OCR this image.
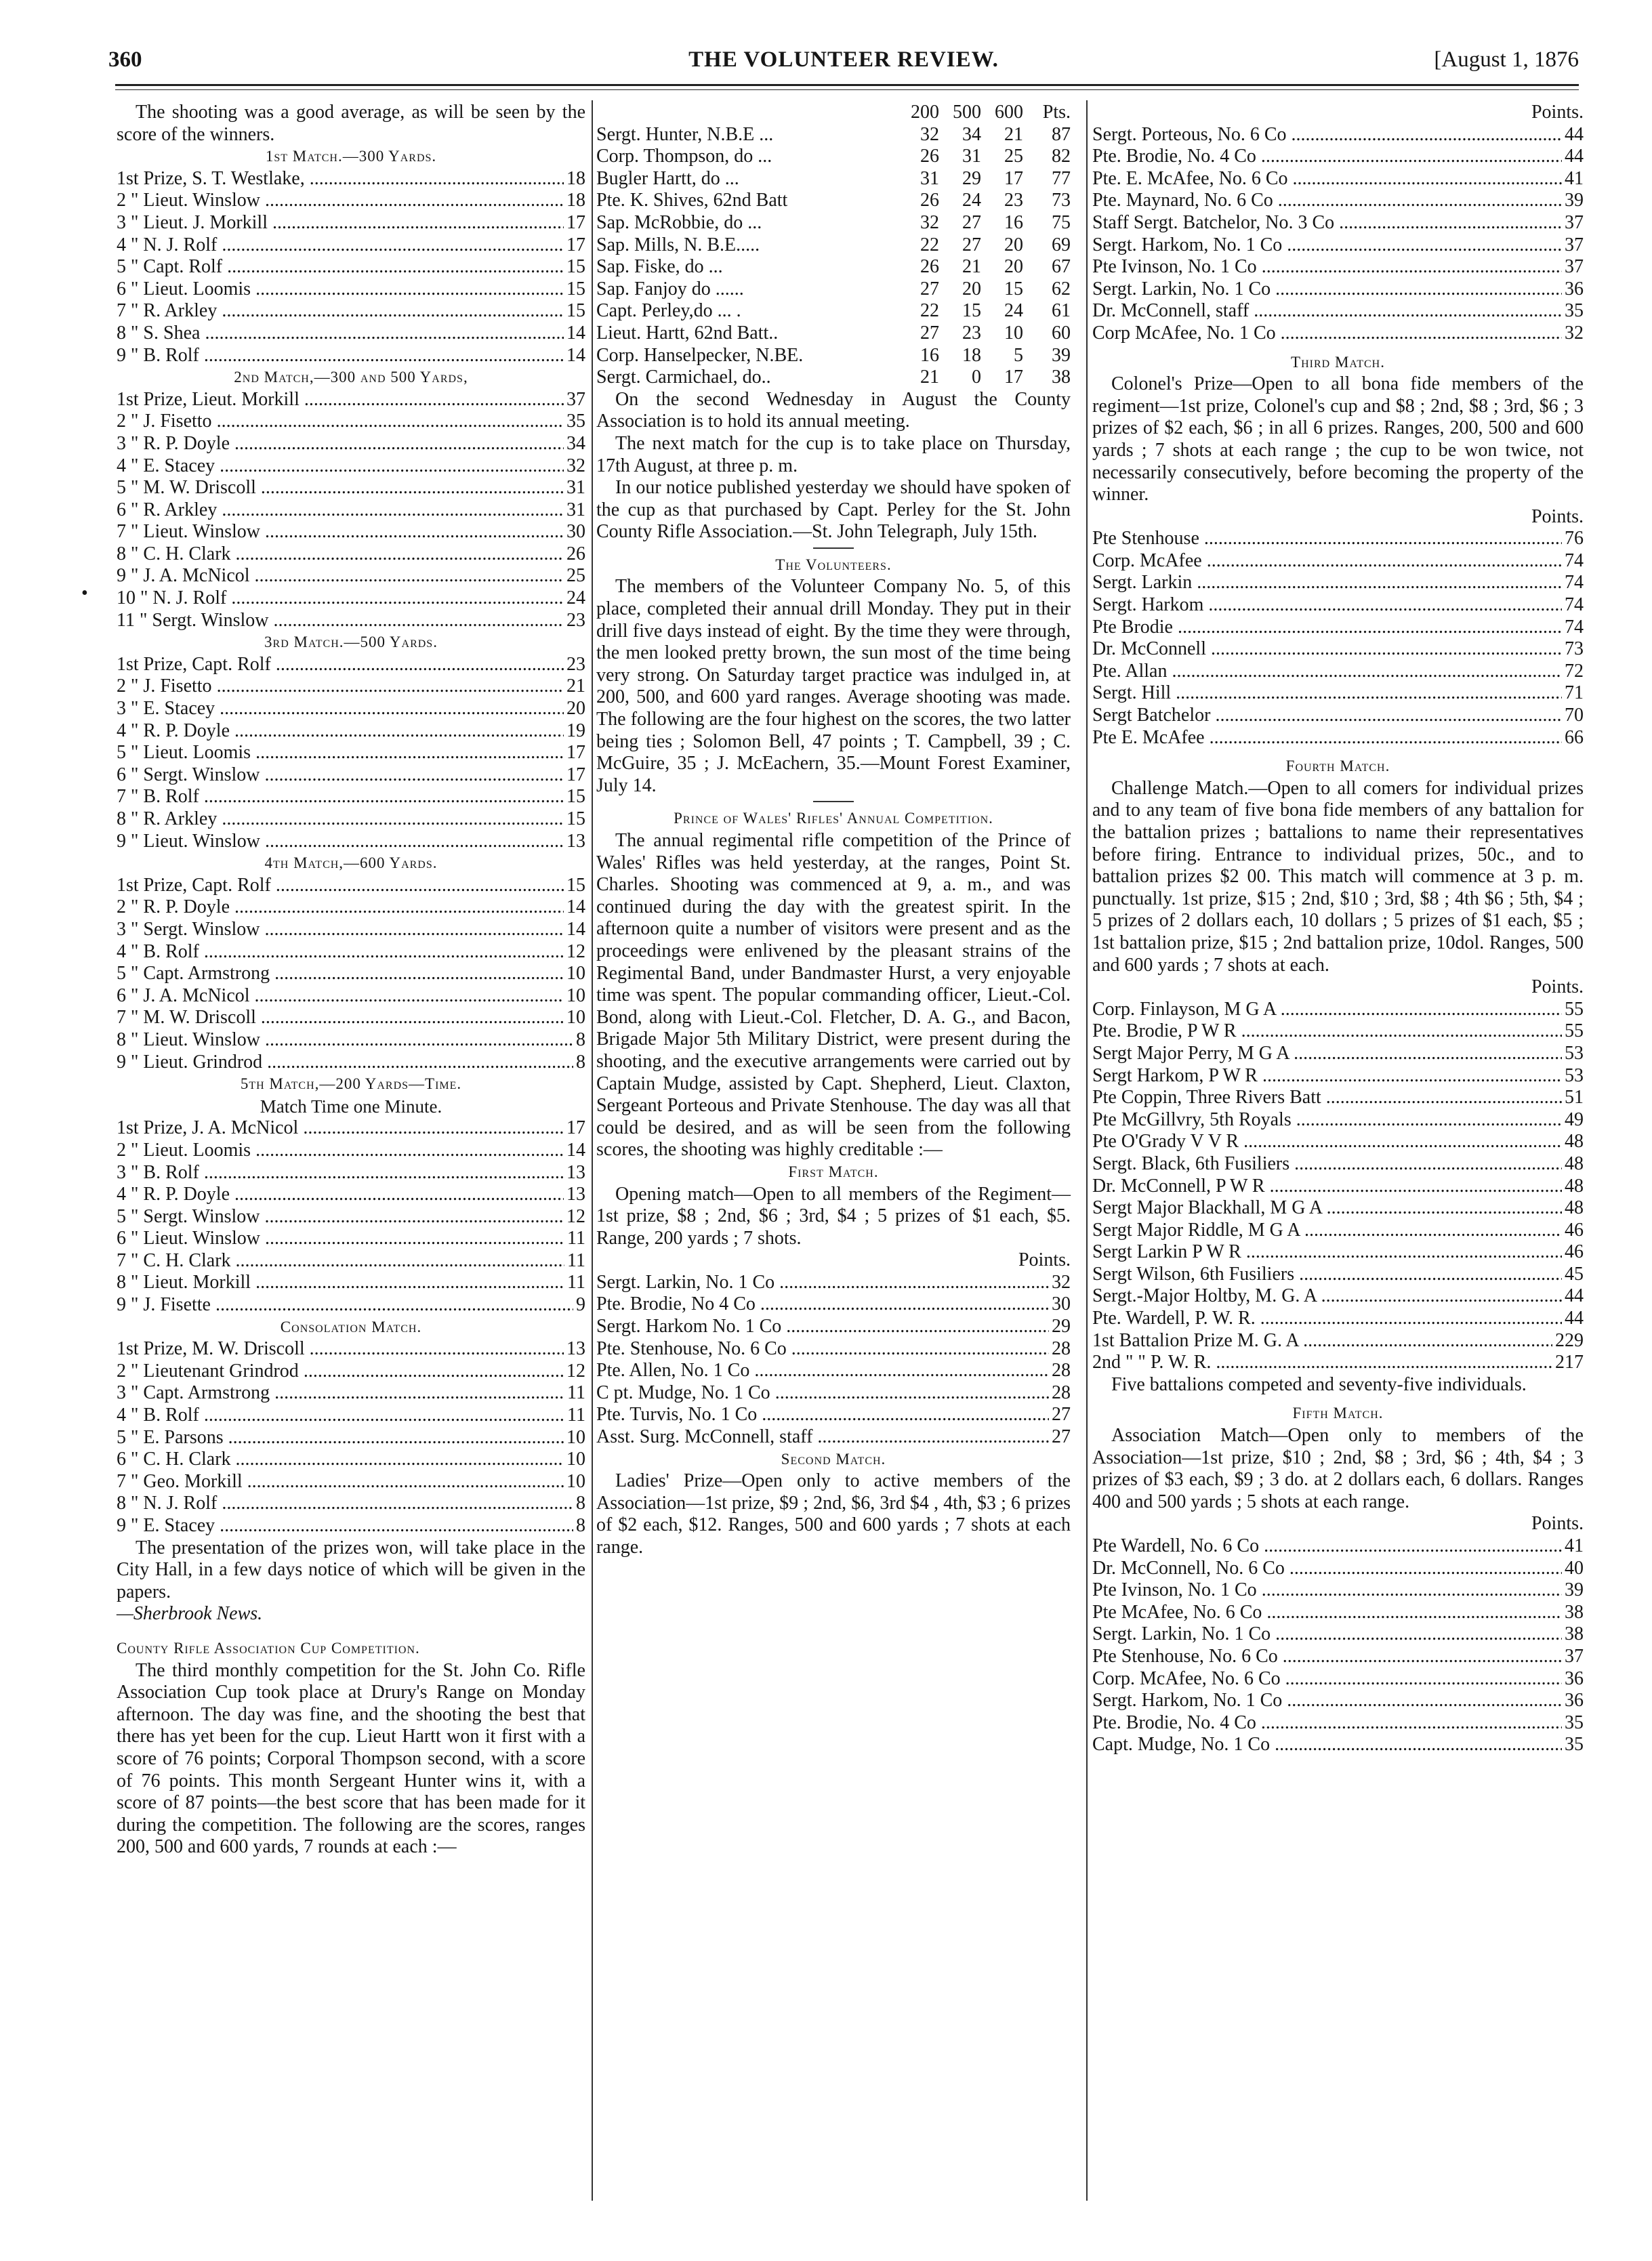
360	THE VOLUNTEER REVIEW.	[August 1, 1876
•

The shooting was a good average, as will be seen by the score of the winners.

1st Match.—300 Yards.
1st Prize, S. T. Westlake, .....	18
2 " Lieut. Winslow .....	18
3 " Lieut. J. Morkill .....	17
4 " N. J. Rolf .....	17
5 " Capt. Rolf .....	15
6 " Lieut. Loomis .....	15
7 " R. Arkley .....	15
8 " S. Shea .....	14
9 " B. Rolf .....	14
2nd Match,—300 and 500 Yards,
1st Prize, Lieut. Morkill .....	37
2 " J. Fisetto .....	35
3 " R. P. Doyle .....	34
4 " E. Stacey .....	32
5 " M. W. Driscoll .....	31
6 " R. Arkley .....	31
7 " Lieut. Winslow .....	30
8 " C. H. Clark .....	26
9 " J. A. McNicol .....	25
10 " N. J. Rolf .....	24
11 " Sergt. Winslow .....	23
3rd Match.—500 Yards.
1st Prize, Capt. Rolf .....	23
2 " J. Fisetto .....	21
3 " E. Stacey .....	20
4 " R. P. Doyle .....	19
5 " Lieut. Loomis .....	17
6 " Sergt. Winslow .....	17
7 " B. Rolf .....	15
8 " R. Arkley .....	15
9 " Lieut. Winslow .....	13
4th Match,—600 Yards.
1st Prize, Capt. Rolf .....	15
2 " R. P. Doyle .....	14
3 " Sergt. Winslow .....	14
4 " B. Rolf .....	12
5 " Capt. Armstrong .....	10
6 " J. A. McNicol .....	10
7 " M. W. Driscoll .....	10
8 " Lieut. Winslow .....	8
9 " Lieut. Grindrod .....	8
5th Match,—200 Yards—Time.
Match Time one Minute.
1st Prize, J. A. McNicol .....	17
2 " Lieut. Loomis .....	14
3 " B. Rolf .....	13
4 " R. P. Doyle .....	13
5 " Sergt. Winslow .....	12
6 " Lieut. Winslow .....	11
7 " C. H. Clark .....	11
8 " Lieut. Morkill .....	11
9 " J. Fisette .....	9
Consolation Match.
1st Prize, M. W. Driscoll .....	13
2 " Lieutenant Grindrod .....	12
3 " Capt. Armstrong .....	11
4 " B. Rolf .....	11
5 " E. Parsons .....	10
6 " C. H. Clark .....	10
7 " Geo. Morkill .....	10
8 " N. J. Rolf .....	8
9 " E. Stacey .....	8

The presentation of the prizes won, will take place in the City Hall, in a few days notice of which will be given in the papers.

—Sherbrook News.

County Rifle Association Cup Competition.

The third monthly competition for the St. John Co. Rifle Association Cup took place at Drury's Range on Monday afternoon. The day was fine, and the shooting the best that there has yet been for the cup. Lieut Hartt won it first with a score of 76 points; Corporal Thompson second, with a score of 76 points. This month Sergeant Hunter wins it, with a score of 87 points—the best score that has been made for it during the competition. The following are the scores, ranges 200, 500 and 600 yards, 7 rounds at each :—

200 500 600	Pts.
Sergt. Hunter, N.B.E ...	32	34	21	87
Corp. Thompson, do ...	26	31	25	82
Bugler Hartt, do ...	31	29	17	77
Pte. K. Shives, 62nd Batt	26	24	23	73
Sap. McRobbie, do ...	32	27	16	75
Sap. Mills, N. B.E.....	22	27	20	69
Sap. Fiske, do ...	26	21	20	67
Sap. Fanjoy do ......	27	20	15	62
Capt. Perley,do ... .	22	15	24	61
Lieut. Hartt, 62nd Batt..	27	23	10	60
Corp. Hanselpecker, N.BE.	16	18	5	39
Sergt. Carmichael, do..	21	0	17	38

On the second Wednesday in August the County Association is to hold its annual meeting.

The next match for the cup is to take place on Thursday, 17th August, at three p. m.

In our notice published yesterday we should have spoken of the cup as that purchased by Capt. Perley for the St. John County Rifle Association.—St. John Telegraph, July 15th.

The Volunteers.

The members of the Volunteer Company No. 5, of this place, completed their annual drill Monday. They put in their drill five days instead of eight. By the time they were through, the men looked pretty brown, the sun most of the time being very strong. On Saturday target practice was indulged in, at 200, 500, and 600 yard ranges. Average shooting was made. The following are the four highest on the scores, the two latter being ties ; Solomon Bell, 47 points ; T. Campbell, 39 ; C. McGuire, 35 ; J. McEachern, 35.—Mount Forest Examiner, July 14.

Prince of Wales' Rifles' Annual Competition.

The annual regimental rifle competition of the Prince of Wales' Rifles was held yesterday, at the ranges, Point St. Charles. Shooting was commenced at 9, a. m., and was continued during the day with the greatest spirit. In the afternoon quite a number of visitors were present and as the proceedings were enlivened by the pleasant strains of the Regimental Band, under Bandmaster Hurst, a very enjoyable time was spent. The popular commanding officer, Lieut.-Col. Bond, along with Lieut.-Col. Fletcher, D. A. G., and Bacon, Brigade Major 5th Military District, were present during the shooting, and the executive arrangements were carried out by Captain Mudge, assisted by Capt. Shepherd, Lieut. Claxton, Sergeant Porteous and Private Stenhouse. The day was all that could be desired, and as will be seen from the following scores, the shooting was highly creditable :—

First Match.

Opening match—Open to all members of the Regiment—1st prize, $8 ; 2nd, $6 ; 3rd, $4 ; 5 prizes of $1 each, $5. Range, 200 yards ; 7 shots.

Points.
Sergt. Larkin, No. 1 Co .....	32
Pte. Brodie, No 4 Co .....	30
Sergt. Harkom No. 1 Co .....	29
Pte. Stenhouse, No. 6 Co .....	28
Pte. Allen, No. 1 Co .....	28
C pt. Mudge, No. 1 Co .....	28
Pte. Turvis, No. 1 Co .....	27
Asst. Surg. McConnell, staff .....	27
Second Match.

Ladies' Prize—Open only to active members of the Association—1st prize, $9 ; 2nd, $6, 3rd $4 , 4th, $3 ; 6 prizes of $2 each, $12. Ranges, 500 and 600 yards ; 7 shots at each range.

Points.
Sergt. Porteous, No. 6 Co .....	44
Pte. Brodie, No. 4 Co .....	44
Pte. E. McAfee, No. 6 Co .....	41
Pte. Maynard, No. 6 Co .....	39
Staff Sergt. Batchelor, No. 3 Co .....	37
Sergt. Harkom, No. 1 Co .....	37
Pte Ivinson, No. 1 Co .....	37
Sergt. Larkin, No. 1 Co .....	36
Dr. McConnell, staff .....	35
Corp McAfee, No. 1 Co .....	32
Third Match.

Colonel's Prize—Open to all bona fide members of the regiment—1st prize, Colonel's cup and $8 ; 2nd, $8 ; 3rd, $6 ; 3 prizes of $2 each, $6 ; in all 6 prizes. Ranges, 200, 500 and 600 yards ; 7 shots at each range ; the cup to be won twice, not necessarily consecutively, before becoming the property of the winner.

Points.
Pte Stenhouse .....	76
Corp. McAfee .....	74
Sergt. Larkin .....	74
Sergt. Harkom .....	74
Pte Brodie .....	74
Dr. McConnell .....	73
Pte. Allan .....	72
Sergt. Hill .....	71
Sergt Batchelor .....	70
Pte E. McAfee .....	66
Fourth Match.

Challenge Match.—Open to all comers for individual prizes and to any team of five bona fide members of any battalion for the battalion prizes ; battalions to name their representatives before firing. Entrance to individual prizes, 50c., and to battalion prizes $2 00. This match will commence at 3 p. m. punctually. 1st prize, $15 ; 2nd, $10 ; 3rd, $8 ; 4th $6 ; 5th, $4 ; 5 prizes of 2 dollars each, 10 dollars ; 5 prizes of $1 each, $5 ; 1st battalion prize, $15 ; 2nd battalion prize, 10dol. Ranges, 500 and 600 yards ; 7 shots at each.

Points.
Corp. Finlayson, M G A .....	55
Pte. Brodie, P W R .....	55
Sergt Major Perry, M G A .....	53
Sergt Harkom, P W R .....	53
Pte Coppin, Three Rivers Batt .....	51
Pte McGillvry, 5th Royals .....	49
Pte O'Grady V V R .....	48
Sergt. Black, 6th Fusiliers .....	48
Dr. McConnell, P W R .....	48
Sergt Major Blackhall, M G A .....	48
Sergt Major Riddle, M G A .....	46
Sergt Larkin P W R .....	46
Sergt Wilson, 6th Fusiliers .....	45
Sergt.-Major Holtby, M. G. A .....	44
Pte. Wardell, P. W. R. .....	44
1st Battalion Prize M. G. A .....	229
2nd " " P. W. R. .....	217

Five battalions competed and seventy-five individuals.

Fifth Match.

Association Match—Open only to members of the Association—1st prize, $10 ; 2nd, $8 ; 3rd, $6 ; 4th, $4 ; 3 prizes of $3 each, $9 ; 3 do. at 2 dollars each, 6 dollars. Ranges 400 and 500 yards ; 5 shots at each range.

Points.
Pte Wardell, No. 6 Co .....	41
Dr. McConnell, No. 6 Co .....	40
Pte Ivinson, No. 1 Co .....	39
Pte McAfee, No. 6 Co .....	38
Sergt. Larkin, No. 1 Co .....	38
Pte Stenhouse, No. 6 Co .....	37
Corp. McAfee, No. 6 Co .....	36
Sergt. Harkom, No. 1 Co .....	36
Pte. Brodie, No. 4 Co .....	35
Capt. Mudge, No. 1 Co .....	35
